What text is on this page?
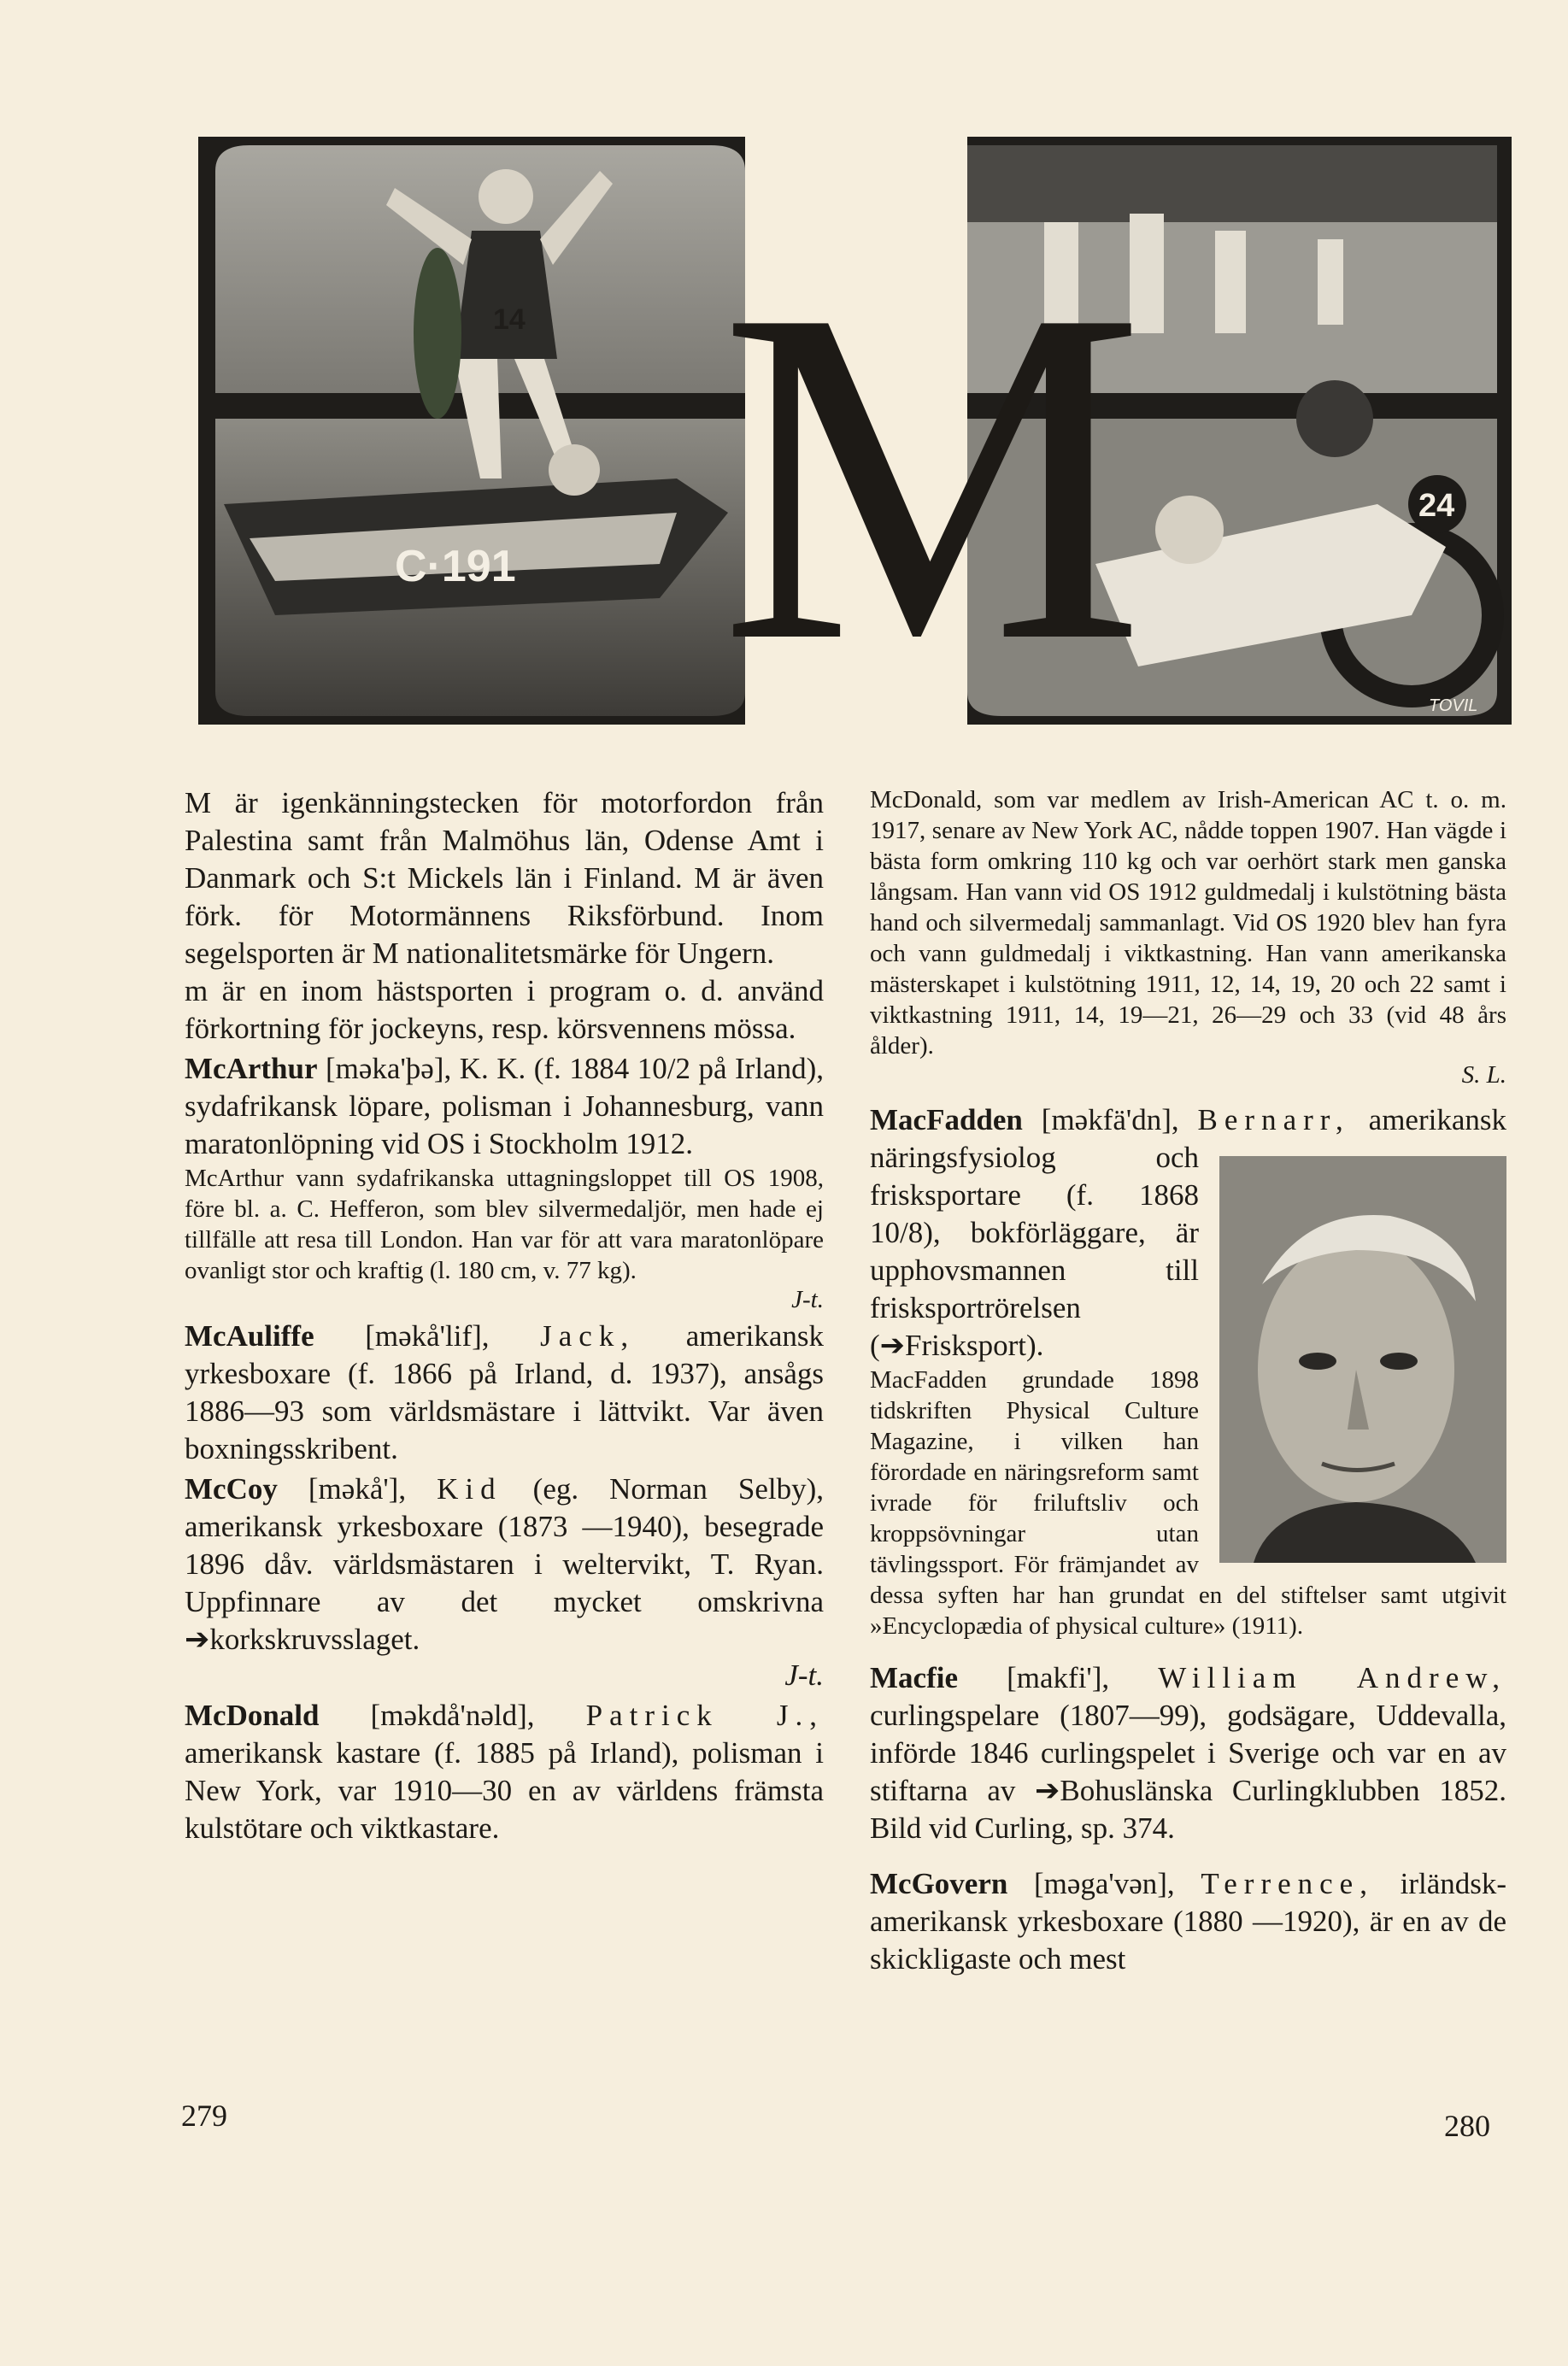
14
C·191
24
M	TOVIL

M är igenkänningstecken för motorfordon från Palestina samt från Malmöhus län, Odense Amt i Danmark och S:t Mickels län i Finland. M är även förk. för Motormännens Riksförbund. Inom segelsporten är M nationalitetsmärke för Ungern.

m är en inom hästsporten i program o. d. använd förkortning för jockeyns, resp. körsvennens mössa.

McArthur [məka'þə], K. K. (f. 1884 10/2 på Irland), sydafrikansk löpare, polisman i Johannesburg, vann maratonlöpning vid OS i Stockholm 1912.

McArthur vann sydafrikanska uttagningsloppet till OS 1908, före bl. a. C. Hefferon, som blev silvermedaljör, men hade ej tillfälle att resa till London. Han var för att vara maratonlöpare ovanligt stor och kraftig (l. 180 cm, v. 77 kg).
J-t.

McAuliffe [məkå'lif], Jack, amerikansk yrkesboxare (f. 1866 på Irland, d. 1937), ansågs 1886—93 som världsmästare i lättvikt. Var även boxningsskribent.

McCoy [məkå'], Kid (eg. Norman Selby), amerikansk yrkesboxare (1873 —1940), besegrade 1896 dåv. världsmästaren i weltervikt, T. Ryan. Uppfinnare av det mycket omskrivna ➔korkskruvsslaget.
J-t.

McDonald [məkdå'nəld], Patrick J., amerikansk kastare (f. 1885 på Irland), polisman i New York, var 1910—30 en av världens främsta kulstötare och viktkastare.

McDonald, som var medlem av Irish-American AC t. o. m. 1917, senare av New York AC, nådde toppen 1907. Han vägde i bästa form omkring 110 kg och var oerhört stark men ganska långsam. Han vann vid OS 1912 guldmedalj i kulstötning bästa hand och silvermedalj sammanlagt. Vid OS 1920 blev han fyra och vann guldmedalj i viktkastning. Han vann amerikanska mästerskapet i kulstötning 1911, 12, 14, 19, 20 och 22 samt i viktkastning 1911, 14, 19—21, 26—29 och 33 (vid 48 års ålder).
S. L.

MacFadden [məkfä'dn], Bernarr, amerikansk näringsfysiolog och frisksportare (f. 1868 10/8), bokförläggare, är upphovsmannen till frisksportrörelsen (➔Frisksport).

MacFadden grundade 1898 tidskriften Physical Culture Magazine, i vilken han förordade en näringsreform samt ivrade för friluftsliv och kroppsövningar utan tävlingssport. För främjandet av dessa syften har han grundat en del stiftelser samt utgivit »Encyclopædia of physical culture» (1911).

Macfie [makfi'], William Andrew, curlingspelare (1807—99), godsägare, Uddevalla, införde 1846 curlingspelet i Sverige och var en av stiftarna av ➔Bohuslänska Curlingklubben 1852. Bild vid Curling, sp. 374.

McGovern [məga'vən], Terrence, irländsk-amerikansk yrkesboxare (1880 —1920), är en av de skickligaste och mest

279	280
